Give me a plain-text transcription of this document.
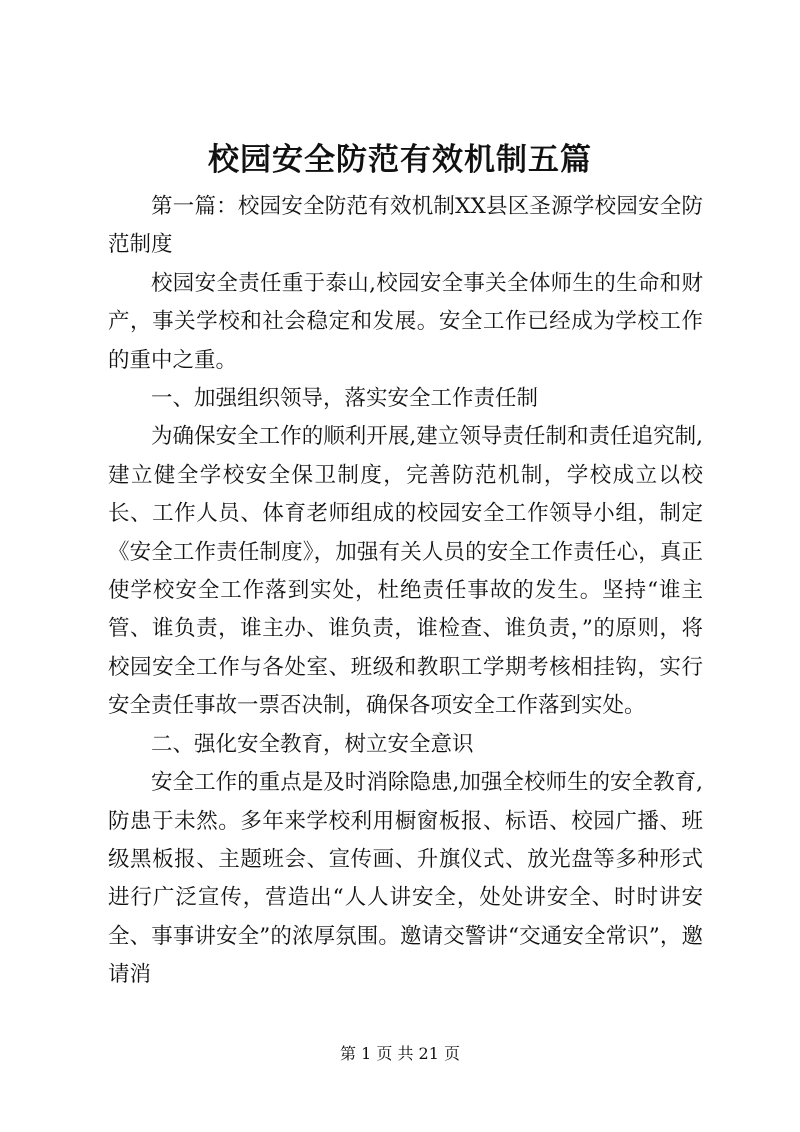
校园安全防范有效机制五篇

第一篇：校园安全防范有效机制XX县区圣源学校园安全防范制度

校园安全责任重于泰山,校园安全事关全体师生的生命和财产，事关学校和社会稳定和发展。安全工作已经成为学校工作的重中之重。

一、加强组织领导，落实安全工作责任制

为确保安全工作的顺利开展,建立领导责任制和责任追究制,建立健全学校安全保卫制度，完善防范机制，学校成立以校长、工作人员、体育老师组成的校园安全工作领导小组，制定《安全工作责任制度》，加强有关人员的安全工作责任心，真正使学校安全工作落到实处，杜绝责任事故的发生。坚持“谁主管、谁负责，谁主办、谁负责，谁检查、谁负责，”的原则，将校园安全工作与各处室、班级和教职工学期考核相挂钩，实行安全责任事故一票否决制，确保各项安全工作落到实处。

二、强化安全教育，树立安全意识

安全工作的重点是及时消除隐患,加强全校师生的安全教育,防患于未然。多年来学校利用橱窗板报、标语、校园广播、班级黑板报、主题班会、宣传画、升旗仪式、放光盘等多种形式进行广泛宣传，营造出“人人讲安全，处处讲安全、时时讲安全、事事讲安全”的浓厚氛围。邀请交警讲“交通安全常识”，邀请消

第 1 页 共 21 页
